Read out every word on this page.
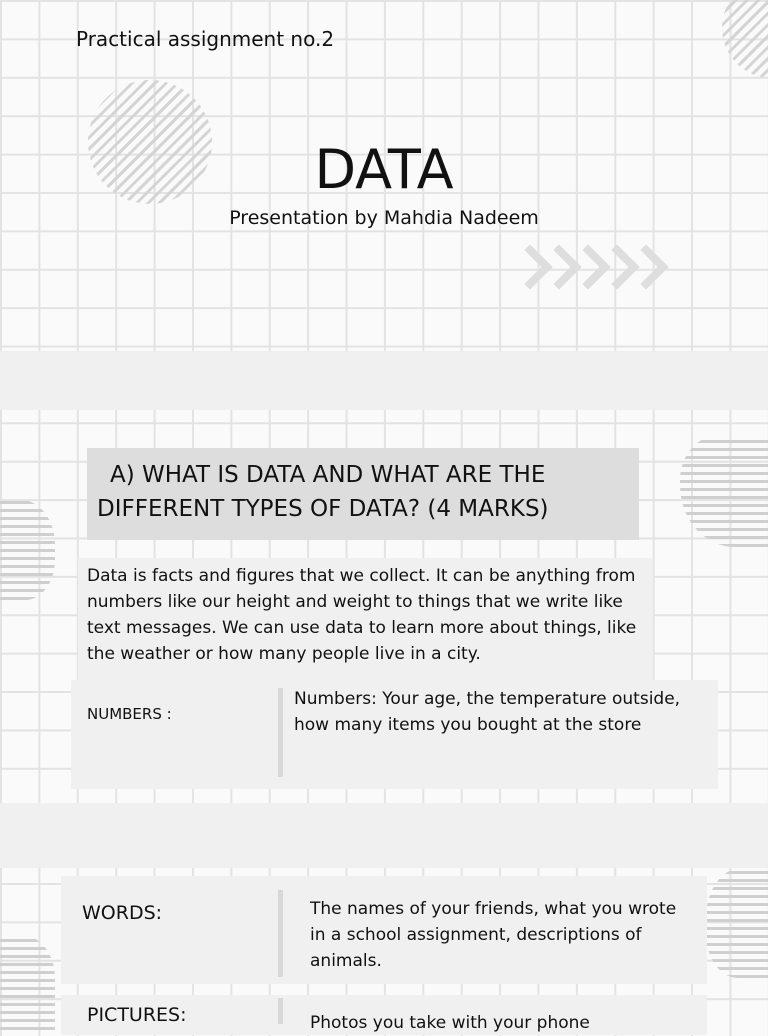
Practical assignment no.2
DATA
Presentation by Mahdia Nadeem
A) WHAT IS DATA AND WHAT ARE THE DIFFERENT TYPES OF DATA? (4 MARKS)
Data is facts and figures that we collect. It can be anything from numbers like our height and weight to things that we write like text messages. We can use data to learn more about things, like the weather or how many people live in a city.
NUMBERS :
Numbers: Your age, the temperature outside, how many items you bought at the store
WORDS:	The names of your friends, what you wrote in a school assignment, descriptions of animals.
PICTURES:	Photos you take with your phone
